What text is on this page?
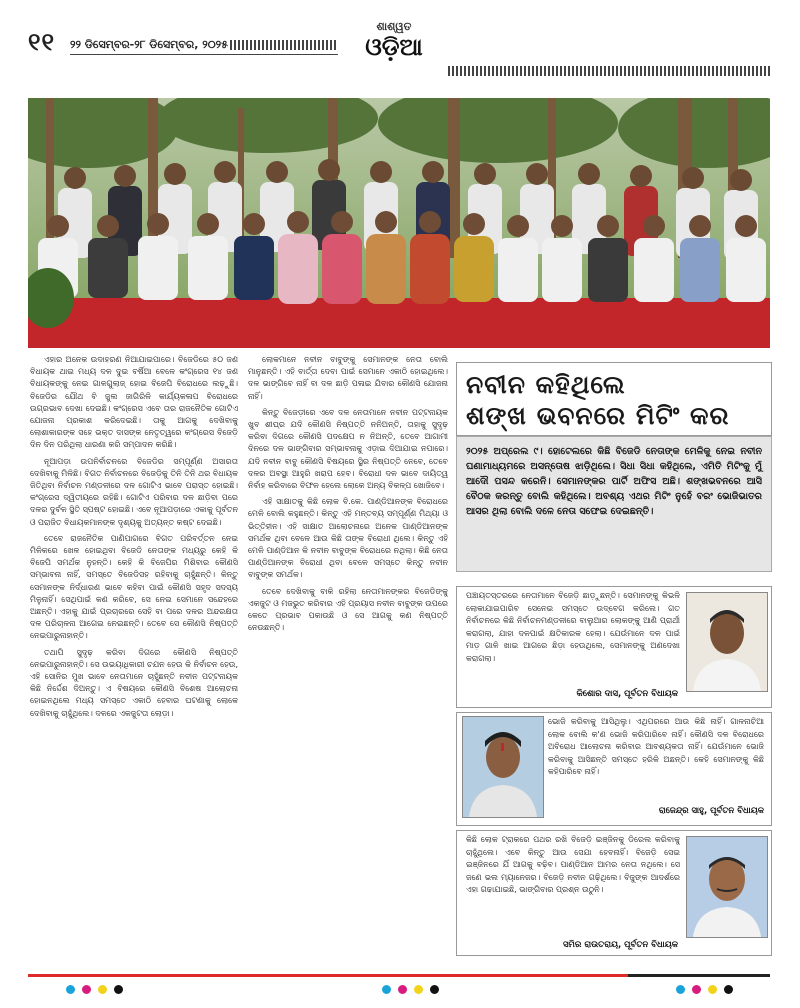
୧୧ ୨୨ ଡିସେମ୍ବର-୨୮ ଡିସେମ୍ବର, ୨୦୨୫
ଶାଶ୍ୱତ
ଓଡ଼ିଆ

ଏହାର ଅନେକ ଉଦାହରଣ ନିଆଯାଇପାରେ। ବିଜେଡିରେ ୫୦ ଜଣ ବିଧାୟକ ଥାଇ ମଧ୍ୟ ଦଳ ଦୁଇ ବର୍ଷିଆ ବେଳେ କଂଗ୍ରେସ ୧୪ ଜଣ ବିଧାୟକଙ୍କୁ ନେଇ ଗାଳଗୁଲାଜ୍ ହୋଇ ବିଜେପି ବିରୋଧରେ ଲଢ଼ୁଛି। ବିଜେଡିର ଯୌଥ ବି ଜୁଲ ଜାଗିରିଳି କାର୍ଯ୍ୟକଳାପ ବିରୋଧରେ ଉଗ୍ରଭାବ ଦେଖା ଦେଇଛି। କଂଗ୍ରେସ ଏବେ ତାର ରାଜନୈତିକ ଗୋଟିଏ ଯୋଜନା ପ୍ରକାଶ କରିଦେଇଛି। ତାକୁ ଆଗକୁ ଦେଖିବାକୁ ଲୋଶାକାରଙ୍କ ସହେ ଭକ୍ତ ଦାସଙ୍କ ନେତୃତ୍ୱରେ କଂଗ୍ରେସ ବିଜେଡ଼ି ଦିନ ଦିନ ପରିଥିଲା ଧାରଣା କରି ସମ୍ପାଦନ କରିଛି।

ନୂଆପଡ଼ା ଉପନିର୍ବାଚନରେ ବିଜେଡିର ସମ୍ପୂର୍ଣ୍ଣ ଅସାରତା ଦେଖିବାକୁ ମିଳିଛି। ବିଗତ ନିର୍ବାଚନରେ ବିଜେଡ଼ିକୁ ତିନି ତିନି ଥର ବିଧାୟକ ଜିତିଥିବା ନିର୍ବାଚନ ମଣ୍ଡଳୀରେ ଦଳ ଗୋଟିଏ ଭାବେ ପରାସ୍ତ ହୋଇଛି। କଂଗ୍ରେସ ଦ୍ୱିତୀୟରେ ରହିଛି। ଗୋଟିଏ ପରିବାର ଦଳ ଛାଡ଼ିବା ପରେ ଦଳର ଦୁର୍ବଳ ସ୍ଥିତି ସ୍ପଷ୍ଟ ହୋଇଛି। ଏବେ ନୂଆପଡ଼ାରେ ଏକାକୁ ପୂର୍ବତନ ଓ ପରାଜିତ ବିଧାୟକମାନଙ୍କ ଦୃଶ୍ୟକୁ ଅତ୍ୟନ୍ତ କଷ୍ଟ ଦେଇଛି।

ତେବେ ରାଜନୈତିକ ପାଣିପାଗରେ ବିଗତ ପରିବର୍ତ୍ତନ ନେଇ ମିଳିକରେ ଖେଳ ହୋଇଥିବା ବିଜେଡି ନେତାଙ୍କ ମଧ୍ୟରୁ କେହି କି ବିଜେପି ସମର୍ଥକ ନୁହନ୍ତି। କେହି କି ବିଜେପିର ମିଶିବାର କୌଣସି ସମ୍ଭାବନା ନାହିଁ, ସମସ୍ତେ ବିଜେଡିସହ ରହିବାକୁ ଚାହୁଁଛନ୍ତି। କିନ୍ତୁ ସେମାନଙ୍କ ନିର୍ଦ୍ଧାରଣ ଭାବେ କହିବା ପାଇଁ କୌଣସି ସହୃଦ ସଦସ୍ୟ ମିଳୁନାହିଁ। ସେଥିପାଇଁ କଣ କରିବେ, ସେ ନେଇ ସେମାନେ ସନ୍ଦେହରେ ଅଛନ୍ତି। ଏହାକୁ ଯାଇଁ ପ୍ରଚାରରେ ସେହି ବା ପରେ ଦଳର ଅନ୍ଦରକ୍ଷତା ଦଳ ପରିଚାଳନା ଆଗେଇ ନେଇଛନ୍ତି। ତେବେ ସେ କୌଣସି ନିଷ୍ପତ୍ତି ନେଇପାରୁନାହାନ୍ତି।

ତଥାପି ସୁଦୃଢ଼ କରିବା ଦିଗରେ କୌଣସି ନିଷ୍ପତ୍ତି ନେଇପାରୁନାହାନ୍ତି। ସେ ଉଭୟାଧିକାରୀ ଚଯନ ହେଉ କି ନିର୍ବାଚନ ହେଉ, ଏହି ସୋନିର ମୁଖ ଭାବେ ନେତାମାନେ ଚାହୁଁଛନ୍ତି ନବୀନ ପଟ୍ଟନାୟକ କିଛି ନିର୍ଦ୍ଦେଶ ଦିଅନ୍ତୁ। ଏ ବିଷୟରେ କୌଣସି ବିଶେଷ ଆଲୋଚନା ହୋଇନଥିଲେ ମଧ୍ୟ ସମସ୍ତେ ଏକାଠି ହେବାର ଘଟଣାକୁ ଲୋକେ ଦେଖିବାକୁ ଚାହୁଁଥିଲେ। ଦଳରେ ଏକଜୁଟତା ଲୋଡ଼ା।

ଲୋକମାନେ ନବୀନ ବାବୁଙ୍କୁ ସେମାନଙ୍କ ନେତା ବୋଲି ମାନୁଛନ୍ତି। ଏହି ବାର୍ତ୍ତା ଦେବା ପାଇଁ ସେମାନେ ଏକାଠି ହୋଇଥିଲେ। ଦଳ ଭାଙ୍ଗିବେ ନାହିଁ ବା ଦଳ ଛାଡ଼ି ପଳାଇ ଯିବାର କୌଣସି ଯୋଜନା ନାହିଁ।

କିନ୍ତୁ ବିଜେଡ଼ୀରେ ଏବେ ଦଳ ନେତାମାନେ ନବୀନ ପଟ୍ଟନାୟକ ଖୁବ ଶୀଘ୍ର ଯଦି କୌଣସି ନିଷ୍ପତ୍ତି ନନିଅନ୍ତି, ତାହାକୁ ସୁଦୃଢ଼ କରିବା ଦିଗରେ କୌଣସି ପଦକ୍ଷେପ ନ ନିଅନ୍ତି, ତେବେ ଆଗାମୀ ଦିନରେ ଦଳ ଭାଙ୍ଗିବାର ସମ୍ଭାବନାକୁ ଏଡ଼ାଇ ଦିଆଯାଇ ନପାରେ। ଯଦି ନବୀନ ବାବୁ କୌଣସି ବିଷୟରେ ସ୍ଥିର ନିଷ୍ପତ୍ତି ନେବେ, ତେବେ ଦଳର ଅବସ୍ଥା ଆହୁରି ଖରାପ ହେବ। ବିରୋଧୀ ଦଳ ଭାବେ ଦାୟିତ୍ୱ ନିର୍ବାହ କରିବାରେ ବିଫଳ ହେଲେ ଲୋକେ ଅନ୍ୟ ବିକଳ୍ପ ଖୋଜିବେ।

ଏହି ସାକ୍ଷାତକୁ କିଛି ଲୋକ ବି.କେ. ପାଣ୍ଡିଆନଙ୍କ ବିରୋଧରେ ମେଳି ବୋଲି କହୁଛନ୍ତି। କିନ୍ତୁ ଏହି ମନ୍ତବ୍ୟ ସମ୍ପୂର୍ଣ୍ଣ ମିଥ୍ୟା ଓ ଭିତ୍ତିହୀନ। ଏହି ସାକ୍ଷାତ ଆଲୋଚନାରେ ଅନେକ ପାଣ୍ଡିଆନଙ୍କ ସମର୍ଥକ ଥିବା ବେଳେ ଆଉ କିଛି ତାଙ୍କ ବିରୋଧୀ ଥିଲେ। କିନ୍ତୁ ଏହି ମେଳି ପାଣ୍ଡିଆନ କି ନବୀନ ବାବୁଙ୍କ ବିରୋଧରେ ନଥିଲା। କିଛି ନେତା ପାଣ୍ଡିଆନଙ୍କ ବିରୋଧୀ ଥିବା ବେଳେ ସମସ୍ତେ କିନ୍ତୁ ନବୀନ ବାବୁଙ୍କ ସମର୍ଥକ।

ତେବେ ଦେଖିବାକୁ ବାକି ରହିଲା ନେତାମାନଙ୍କର ବିଜେଡିଙ୍କୁ ଏକଜୁଟ ଓ ମଜଭୁତ କରିବାର ଏହି ପ୍ରୟାସ ନବୀନ ବାବୁଙ୍କ ଉପରେ କେତେ ପ୍ରଭାବ ପକାଉଛି ଓ ସେ ଆଗକୁ କଣ ନିଷ୍ପତ୍ତି ନେଉଛନ୍ତି।

ନବୀନ କହିଥିଲେ
ଶଙ୍ଖ ଭବନରେ ମିଟିଂ କର
୨୦୨୫ ଅପ୍ରେଲ ୯। ହୋଟେଲରେ କିଛି ବିଜେଡି ନେତାଙ୍କ ମେଳିକୁ ନେଇ ନବୀନ ଘଣାମାଧ୍ୟମରେ ଅସନ୍ତୋଷ ଝାଡ଼ିଥିଲେ। ସିଧା ସିଧା କହିଥିଲେ, ଏମିତି ମିଟିଂକୁ ମୁଁ ଆଦୌ ପସନ୍ଦ କରେନି। ସେମାନଙ୍କର ପାର୍ଟି ଅଫିସ ଅଛି। ଶଙ୍ଖଭବନରେ ଆସି ବୈଠକ କରନ୍ତୁ ବୋଲି କହିଥିଲେ। ଅବଶ୍ୟ ଏଥର ମିଟିଂ ନୁହେଁ ବରଂ ଭୋଜିଭାତର ଆସର ଥିଲା ବୋଲି ଦଳେ ନେତା ସଫେଇ ଦେଇଛନ୍ତି।
ପଞ୍ଚାୟତସ୍ତରରେ ନେତାମାନେ ବିଜେଡ଼ି ଛାଡ଼ୁଛନ୍ତି। ସେମାନଙ୍କୁ କିଭଳି ଲୋକାଯାଇପାରିବ ସେନେଇ ସମସ୍ତେ ଉଦ୍‌ବେଗ କରିଲେ। ଗତ ନିର୍ବାଚନରେ କିଛି ନିର୍ବାଚନମଣ୍ଡଳୀରେ ବାଲୁଆର ଲୋକଙ୍କୁ ଆଣି ପ୍ରାର୍ଥୀ କରାଗଲା, ଯାହା ଦଳପାଇଁ କ୍ଷତିକାରକ ହେଲା। ଯେଉଁମାନେ ଦଳ ପାଇଁ ମାଡ଼ ଗାଳି ଖାଇ ଆଗରେ ଛିଡ଼ା ହେଉଥିଲେ, ସେମାନଙ୍କୁ ଅଣଦେଖା କରାଗଲା।
କିଶୋର ଦାସ, ପୂର୍ବତନ ବିଧାୟକ
ଭୋଜି କରିବାକୁ ଆସିଥିଲୁ। ଏଥିପରରେ ଆଉ କିଛି ନାହିଁ। ଗାଳନାଚିଆ ଲୋକ ବୋଲି କ'ଣ ଭୋଜି କରିପାରିବେ ନାହିଁ। କୌଣସି ଦଳ ବିରୋଧରେ ଅବିରୋଧ ଆଲୋଚନା କରିବାର ଆବଶ୍ୟକତା ନାହିଁ। ଯେଉଁମାନେ ଭୋଜି କରିବାକୁ ଆସିଛନ୍ତି ସମସ୍ତେ ହରିକି ଅଛନ୍ତି। କେହି ସେମାନଙ୍କୁ କିଛି କହିପାରିବେ ନାହିଁ।
ରାଜେନ୍ଦ୍ର ସାହୁ, ପୂର୍ବତନ ବିଧାୟକ
କିଛି ଲୋକ ଟ୍ରାକରେ ପଥର ରଖି ବିଜେଡ଼ି ଇଞ୍ଜିନକୁ ଡିରେଲ କରିବାକୁ ଚାହୁଁଥିଲେ। ଏବେ କିନ୍ତୁ ଆଉ ସେଯା ହେବନାହିଁ। ବିଜେଡ଼ି ସେଇ ଇଞ୍ଜିନରେ ଯିଁ ଆଗକୁ ବଢ଼ିବ। ପାଣ୍ଡିଆନ ଆମର ନେତା ନଥିଲେ। ସେ ଜଣେ ଭଲ ମ୍ୟାନେଜର। ବିଜେଡ଼ି ନବୀନ ଗଢ଼ିଥିଲେ। ବିଜୁଙ୍କ ଆଦର୍ଶରେ ଏହା ଗଢାଯାଇଛି, ଭାଙ୍ଗିବାର ପ୍ରଶ୍ନ ଉଠୁନି।
ସମିର ରାଉତରାୟ, ପୂର୍ବତନ ବିଧାୟକ
